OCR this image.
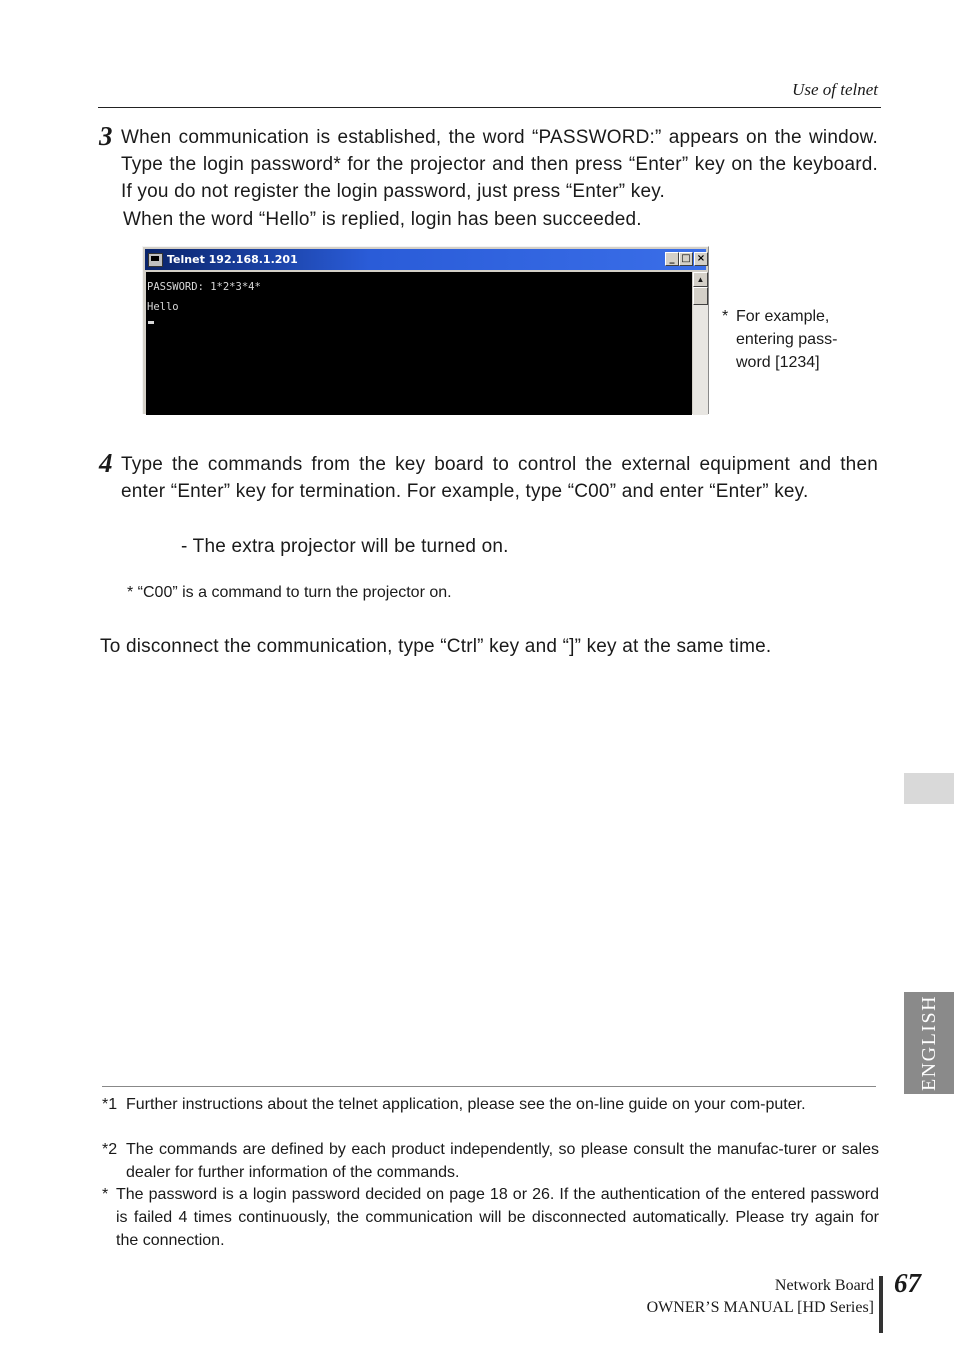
Use of telnet
3 When communication is established, the word “PASSWORD:” appears on the window. Type the login password* for the projector and then press “Enter” key on the keyboard. If you do not register the login password, just press “Enter” key.
When the word “Hello” is replied, login has been succeeded.
Telnet 192.168.1.201	_ □ ×
PASSWORD: 1*2*3*4*
Hello
▲
* For example, entering pass-word [1234]
4 Type the commands from the key board to control the external equipment and then enter “Enter” key for termination. For example, type “C00” and enter “Enter” key.
- The extra projector will be turned on.
* “C00” is a command to turn the projector on.
To disconnect the communication, type “Ctrl” key and “]” key at the same time.
ENGLISH
*1 Further instructions about the telnet application, please see the on-line guide on your com-puter.
*2 The commands are defined by each product independently, so please consult the manufac-turer or sales dealer for further information of the commands.
* The password is a login password decided on page 18 or 26. If the authentication of the entered password is failed 4 times continuously, the communication will be disconnected automatically. Please try again for the connection.
Network Board
OWNER’S MANUAL [HD Series]
67
